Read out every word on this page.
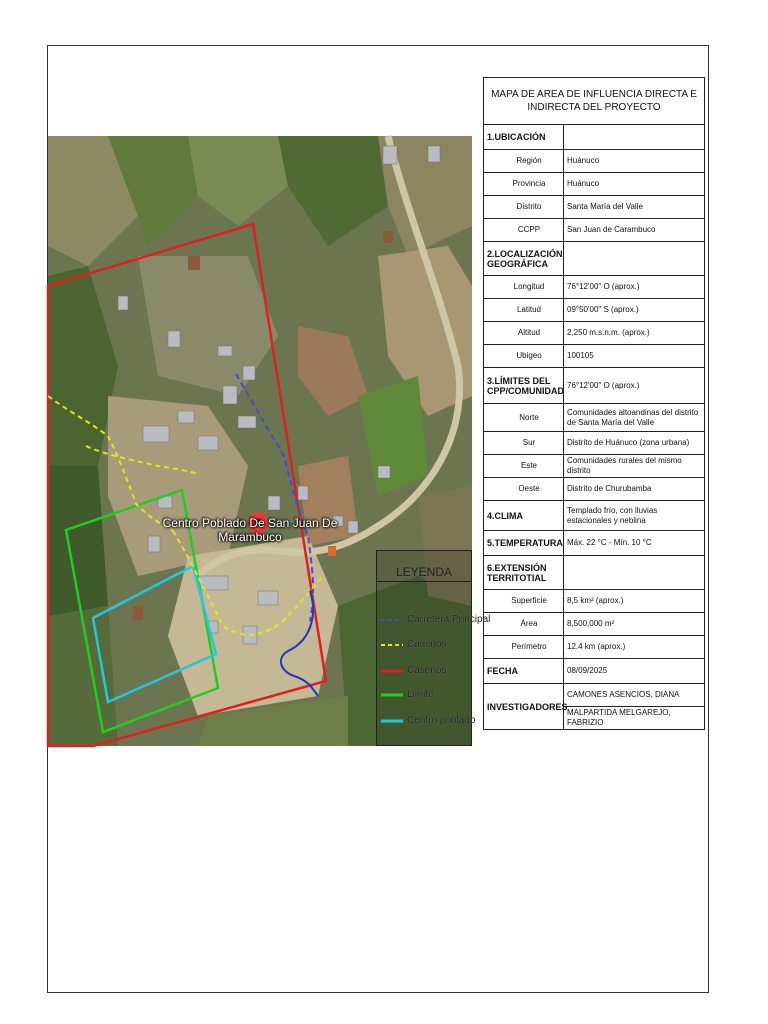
Centro Poblado De San Juan De Marambuco
LEYENDA
Carretera Principal
Caminos
Caserios
Limite
Centro poblado
MAPA DE AREA DE INFLUENCIA DIRECTA E INDIRECTA DEL PROYECTO	
1.UBICACIÓN	
Región	Huánuco
Provincia	Huánuco
Distrito	Santa María del Valle
CCPP	San Juan de Carambuco
2.LOCALIZACIÓN GEOGRÁFICA	
Longitud	76°12'00" O (aprox.)
Latitud	09°50'00" S (aprox.)
Altitud	2,250 m.s.n.m. (aprox.)
Ubigeo	100105
3.LÍMITES DEL CPP/COMUNIDAD	76°12'00" O (aprox.)
Norte	Comunidades altoandinas del distrito de Santa María del Valle
Sur	Distrito de Huánuco (zona urbana)
Este	Comunidades rurales del mismo distrito
Oeste	Distrito de Churubamba
4.CLIMA	Templado frío, con lluvias estacionales y neblina
5.TEMPERATURA	Máx. 22 °C - Mín. 10 °C
6.EXTENSIÓN TERRITOTIAL	
Superficie	8,5 km² (aprox.)
Área	8,500,000 m²
Perímetro	12.4 km (aprox.)
FECHA	08/09/2025
INVESTIGADORES	CAMONES ASENCIOS, DIANA
	MALPARTIDA MELGAREJO, FABRIZIO
